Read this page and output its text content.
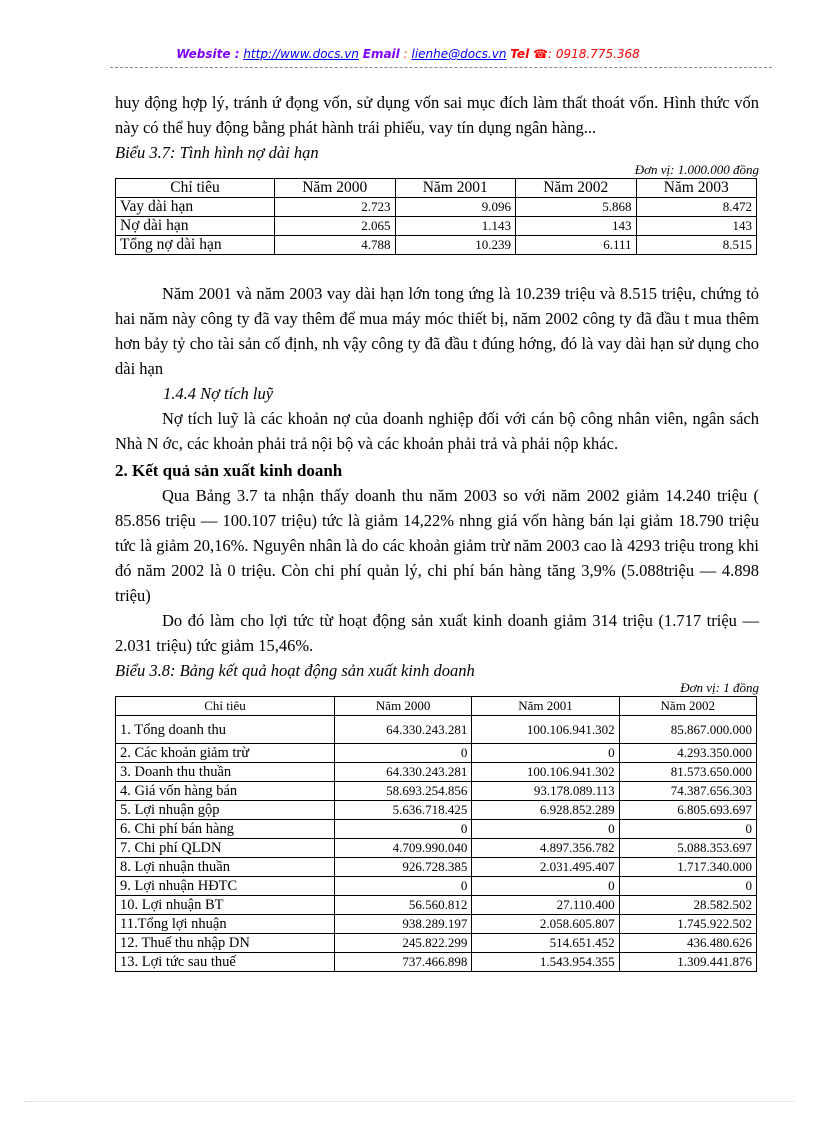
Website : http://www.docs.vn Email : lienhe@docs.vn Tel ☎: 0918.775.368

huy động hợp lý, tránh ứ đọng vốn, sử dụng vốn sai mục đích làm thất thoát vốn. Hình thức vốn này có thể huy động bằng phát hành trái phiếu, vay tín dụng ngân hàng...

Biểu 3.7: Tình hình nợ dài hạn

Đơn vị: 1.000.000 đồng
Chỉ tiêu	Năm 2000	Năm 2001	Năm 2002	Năm 2003
Vay dài hạn	2.723	9.096	5.868	8.472
Nợ dài hạn	2.065	1.143	143	143
Tổng nợ dài hạn	4.788	10.239	6.111	8.515

Năm 2001 và năm 2003 vay dài hạn lớn tong ứng là 10.239 triệu và 8.515 triệu, chứng tỏ hai năm này công ty đã vay thêm để mua máy móc thiết bị, năm 2002 công ty đã đầu t mua thêm hơn bảy tỷ cho tài sản cố định, nh vậy công ty đã đầu t đúng hớng, đó là vay dài hạn sử dụng cho dài hạn

1.4.4 Nợ tích luỹ

Nợ tích luỹ là các khoản nợ của doanh nghiệp đối với cán bộ công nhân viên, ngân sách Nhà N ớc, các khoản phải trả nội bộ và các khoản phải trả và phải nộp khác.

2. Kết quả sản xuất kinh doanh

Qua Bảng 3.7 ta nhận thấy doanh thu năm 2003 so với năm 2002 giảm 14.240 triệu ( 85.856 triệu — 100.107 triệu) tức là giảm 14,22% nhng giá vốn hàng bán lại giảm 18.790 triệu tức là giảm 20,16%. Nguyên nhân là do các khoản giảm trừ năm 2003 cao là 4293 triệu trong khi đó năm 2002 là 0 triệu. Còn chi phí quản lý, chi phí bán hàng tăng 3,9% (5.088triệu — 4.898 triệu)

Do đó làm cho lợi tức từ hoạt động sản xuất kinh doanh giảm 314 triệu (1.717 triệu — 2.031 triệu) tức giảm 15,46%.

Biểu 3.8: Bảng kết quả hoạt động sản xuất kinh doanh

Đơn vị: 1 đồng
Chỉ tiêu	Năm 2000	Năm 2001	Năm 2002
1. Tổng doanh thu	64.330.243.281	100.106.941.302	85.867.000.000
2. Các khoản giảm trừ	0	0	4.293.350.000
3. Doanh thu thuần	64.330.243.281	100.106.941.302	81.573.650.000
4. Giá vốn hàng bán	58.693.254.856	93.178.089.113	74.387.656.303
5. Lợi nhuận gộp	5.636.718.425	6.928.852.289	6.805.693.697
6. Chi phí bán hàng	0	0	0
7. Chi phí QLDN	4.709.990.040	4.897.356.782	5.088.353.697
8. Lợi nhuận thuần	926.728.385	2.031.495.407	1.717.340.000
9. Lợi nhuận HĐTC	0	0	0
10. Lợi nhuận BT	56.560.812	27.110.400	28.582.502
11.Tổng lợi nhuận	938.289.197	2.058.605.807	1.745.922.502
12. Thuế thu nhập DN	245.822.299	514.651.452	436.480.626
13. Lợi tức sau thuế	737.466.898	1.543.954.355	1.309.441.876
